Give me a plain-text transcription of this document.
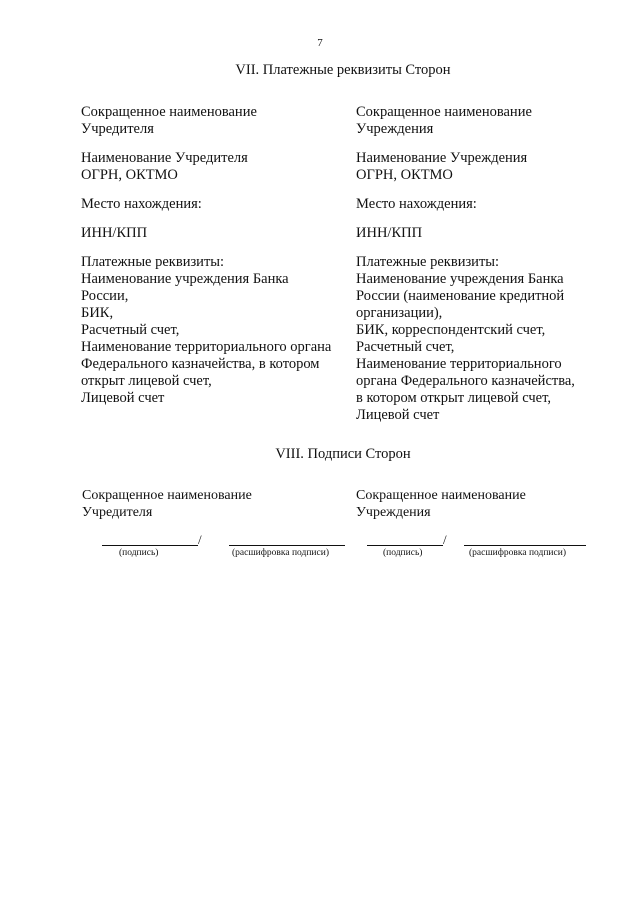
7
VII. Платежные реквизиты Сторон
Сокращенное наименование
Учредителя
Наименование Учредителя
ОГРН, ОКТМО
Место нахождения:
ИНН/КПП
Платежные реквизиты:
Наименование учреждения Банка
России,
БИК,
Расчетный счет,
Наименование территориального органа
Федерального казначейства, в котором
открыт лицевой счет,
Лицевой счет
Сокращенное наименование
Учреждения
Наименование Учреждения
ОГРН, ОКТМО
Место нахождения:
ИНН/КПП
Платежные реквизиты:
Наименование учреждения Банка
России (наименование кредитной
организации),
БИК, корреспондентский счет,
Расчетный счет,
Наименование территориального
органа Федерального казначейства,
в котором открыт лицевой счет,
Лицевой счет
VIII. Подписи Сторон
Сокращенное наименование
Учредителя
/
(подпись)	(расшифровка подписи)
Сокращенное наименование
Учреждения
/
(подпись)	(расшифровка подписи)
